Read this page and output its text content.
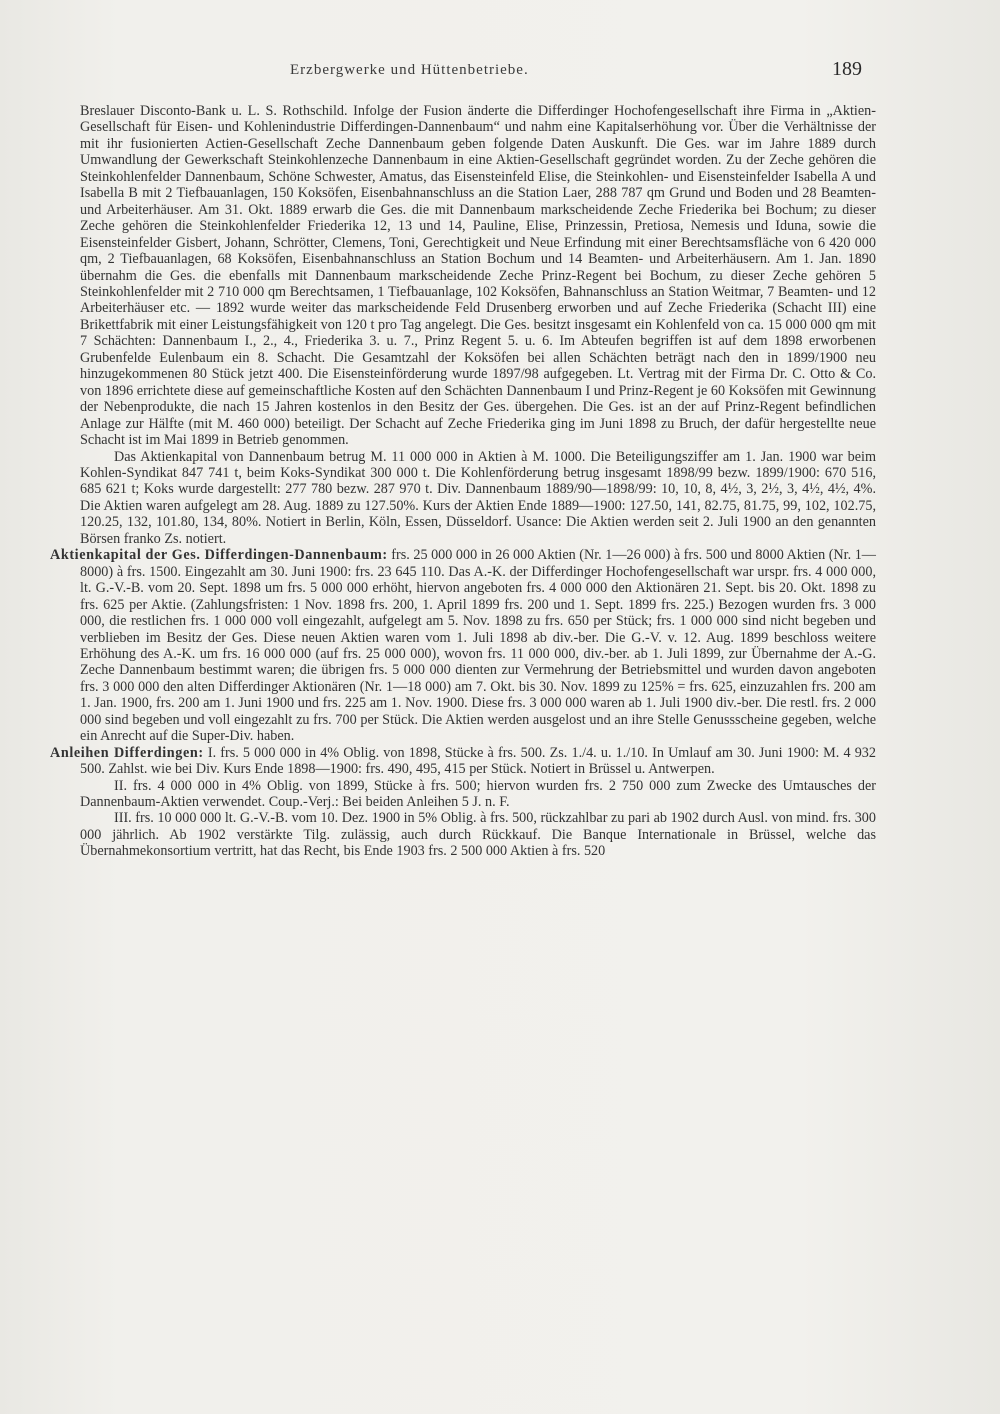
Erzbergwerke und Hüttenbetriebe.	189

Breslauer Disconto-Bank u. L. S. Rothschild. Infolge der Fusion änderte die Differdinger Hochofengesellschaft ihre Firma in „Aktien-Gesellschaft für Eisen- und Kohlenindustrie Differdingen-Dannenbaum“ und nahm eine Kapitalserhöhung vor. Über die Verhältnisse der mit ihr fusionierten Actien-Gesellschaft Zeche Dannenbaum geben folgende Daten Auskunft. Die Ges. war im Jahre 1889 durch Umwandlung der Gewerkschaft Steinkohlenzeche Dannenbaum in eine Aktien-Gesellschaft gegründet worden. Zu der Zeche gehören die Steinkohlenfelder Dannenbaum, Schöne Schwester, Amatus, das Eisensteinfeld Elise, die Steinkohlen- und Eisensteinfelder Isabella A und Isabella B mit 2 Tiefbauanlagen, 150 Koksöfen, Eisenbahnanschluss an die Station Laer, 288 787 qm Grund und Boden und 28 Beamten- und Arbeiterhäuser. Am 31. Okt. 1889 erwarb die Ges. die mit Dannenbaum markscheidende Zeche Friederika bei Bochum; zu dieser Zeche gehören die Steinkohlenfelder Friederika 12, 13 und 14, Pauline, Elise, Prinzessin, Pretiosa, Nemesis und Iduna, sowie die Eisensteinfelder Gisbert, Johann, Schrötter, Clemens, Toni, Gerechtigkeit und Neue Erfindung mit einer Berechtsamsfläche von 6 420 000 qm, 2 Tiefbauanlagen, 68 Koksöfen, Eisenbahnanschluss an Station Bochum und 14 Beamten- und Arbeiterhäusern. Am 1. Jan. 1890 übernahm die Ges. die ebenfalls mit Dannenbaum markscheidende Zeche Prinz-Regent bei Bochum, zu dieser Zeche gehören 5 Steinkohlenfelder mit 2 710 000 qm Berechtsamen, 1 Tiefbauanlage, 102 Koksöfen, Bahnanschluss an Station Weitmar, 7 Beamten- und 12 Arbeiterhäuser etc. — 1892 wurde weiter das markscheidende Feld Drusenberg erworben und auf Zeche Friederika (Schacht III) eine Brikettfabrik mit einer Leistungsfähigkeit von 120 t pro Tag angelegt. Die Ges. besitzt insgesamt ein Kohlenfeld von ca. 15 000 000 qm mit 7 Schächten: Dannenbaum I., 2., 4., Friederika 3. u. 7., Prinz Regent 5. u. 6. Im Abteufen begriffen ist auf dem 1898 erworbenen Grubenfelde Eulenbaum ein 8. Schacht. Die Gesamtzahl der Koksöfen bei allen Schächten beträgt nach den in 1899/1900 neu hinzugekommenen 80 Stück jetzt 400. Die Eisensteinförderung wurde 1897/98 aufgegeben. Lt. Vertrag mit der Firma Dr. C. Otto & Co. von 1896 errichtete diese auf gemeinschaftliche Kosten auf den Schächten Dannenbaum I und Prinz-Regent je 60 Koksöfen mit Gewinnung der Nebenprodukte, die nach 15 Jahren kostenlos in den Besitz der Ges. übergehen. Die Ges. ist an der auf Prinz-Regent befindlichen Anlage zur Hälfte (mit M. 460 000) beteiligt. Der Schacht auf Zeche Friederika ging im Juni 1898 zu Bruch, der dafür hergestellte neue Schacht ist im Mai 1899 in Betrieb genommen.

Das Aktienkapital von Dannenbaum betrug M. 11 000 000 in Aktien à M. 1000. Die Beteiligungsziffer am 1. Jan. 1900 war beim Kohlen-Syndikat 847 741 t, beim Koks-Syndikat 300 000 t. Die Kohlenförderung betrug insgesamt 1898/99 bezw. 1899/1900: 670 516, 685 621 t; Koks wurde dargestellt: 277 780 bezw. 287 970 t. Div. Dannenbaum 1889/90—1898/99: 10, 10, 8, 4½, 3, 2½, 3, 4½, 4½, 4%. Die Aktien waren aufgelegt am 28. Aug. 1889 zu 127.50%. Kurs der Aktien Ende 1889—1900: 127.50, 141, 82.75, 81.75, 99, 102, 102.75, 120.25, 132, 101.80, 134, 80%. Notiert in Berlin, Köln, Essen, Düsseldorf. Usance: Die Aktien werden seit 2. Juli 1900 an den genannten Börsen franko Zs. notiert.

Aktienkapital der Ges. Differdingen-Dannenbaum: frs. 25 000 000 in 26 000 Aktien (Nr. 1—26 000) à frs. 500 und 8000 Aktien (Nr. 1—8000) à frs. 1500. Eingezahlt am 30. Juni 1900: frs. 23 645 110. Das A.-K. der Differdinger Hochofengesellschaft war urspr. frs. 4 000 000, lt. G.-V.-B. vom 20. Sept. 1898 um frs. 5 000 000 erhöht, hiervon angeboten frs. 4 000 000 den Aktionären 21. Sept. bis 20. Okt. 1898 zu frs. 625 per Aktie. (Zahlungsfristen: 1 Nov. 1898 frs. 200, 1. April 1899 frs. 200 und 1. Sept. 1899 frs. 225.) Bezogen wurden frs. 3 000 000, die restlichen frs. 1 000 000 voll eingezahlt, aufgelegt am 5. Nov. 1898 zu frs. 650 per Stück; frs. 1 000 000 sind nicht begeben und verblieben im Besitz der Ges. Diese neuen Aktien waren vom 1. Juli 1898 ab div.-ber. Die G.-V. v. 12. Aug. 1899 beschloss weitere Erhöhung des A.-K. um frs. 16 000 000 (auf frs. 25 000 000), wovon frs. 11 000 000, div.-ber. ab 1. Juli 1899, zur Übernahme der A.-G. Zeche Dannenbaum bestimmt waren; die übrigen frs. 5 000 000 dienten zur Vermehrung der Betriebsmittel und wurden davon angeboten frs. 3 000 000 den alten Differdinger Aktionären (Nr. 1—18 000) am 7. Okt. bis 30. Nov. 1899 zu 125% = frs. 625, einzuzahlen frs. 200 am 1. Jan. 1900, frs. 200 am 1. Juni 1900 und frs. 225 am 1. Nov. 1900. Diese frs. 3 000 000 waren ab 1. Juli 1900 div.-ber. Die restl. frs. 2 000 000 sind begeben und voll eingezahlt zu frs. 700 per Stück. Die Aktien werden ausgelost und an ihre Stelle Genussscheine gegeben, welche ein Anrecht auf die Super-Div. haben.

Anleihen Differdingen: I. frs. 5 000 000 in 4% Oblig. von 1898, Stücke à frs. 500. Zs. 1./4. u. 1./10. In Umlauf am 30. Juni 1900: M. 4 932 500. Zahlst. wie bei Div. Kurs Ende 1898—1900: frs. 490, 495, 415 per Stück. Notiert in Brüssel u. Antwerpen.

II. frs. 4 000 000 in 4% Oblig. von 1899, Stücke à frs. 500; hiervon wurden frs. 2 750 000 zum Zwecke des Umtausches der Dannenbaum-Aktien verwendet. Coup.-Verj.: Bei beiden Anleihen 5 J. n. F.

III. frs. 10 000 000 lt. G.-V.-B. vom 10. Dez. 1900 in 5% Oblig. à frs. 500, rückzahlbar zu pari ab 1902 durch Ausl. von mind. frs. 300 000 jährlich. Ab 1902 verstärkte Tilg. zulässig, auch durch Rückkauf. Die Banque Internationale in Brüssel, welche das Übernahmekonsortium vertritt, hat das Recht, bis Ende 1903 frs. 2 500 000 Aktien à frs. 520
